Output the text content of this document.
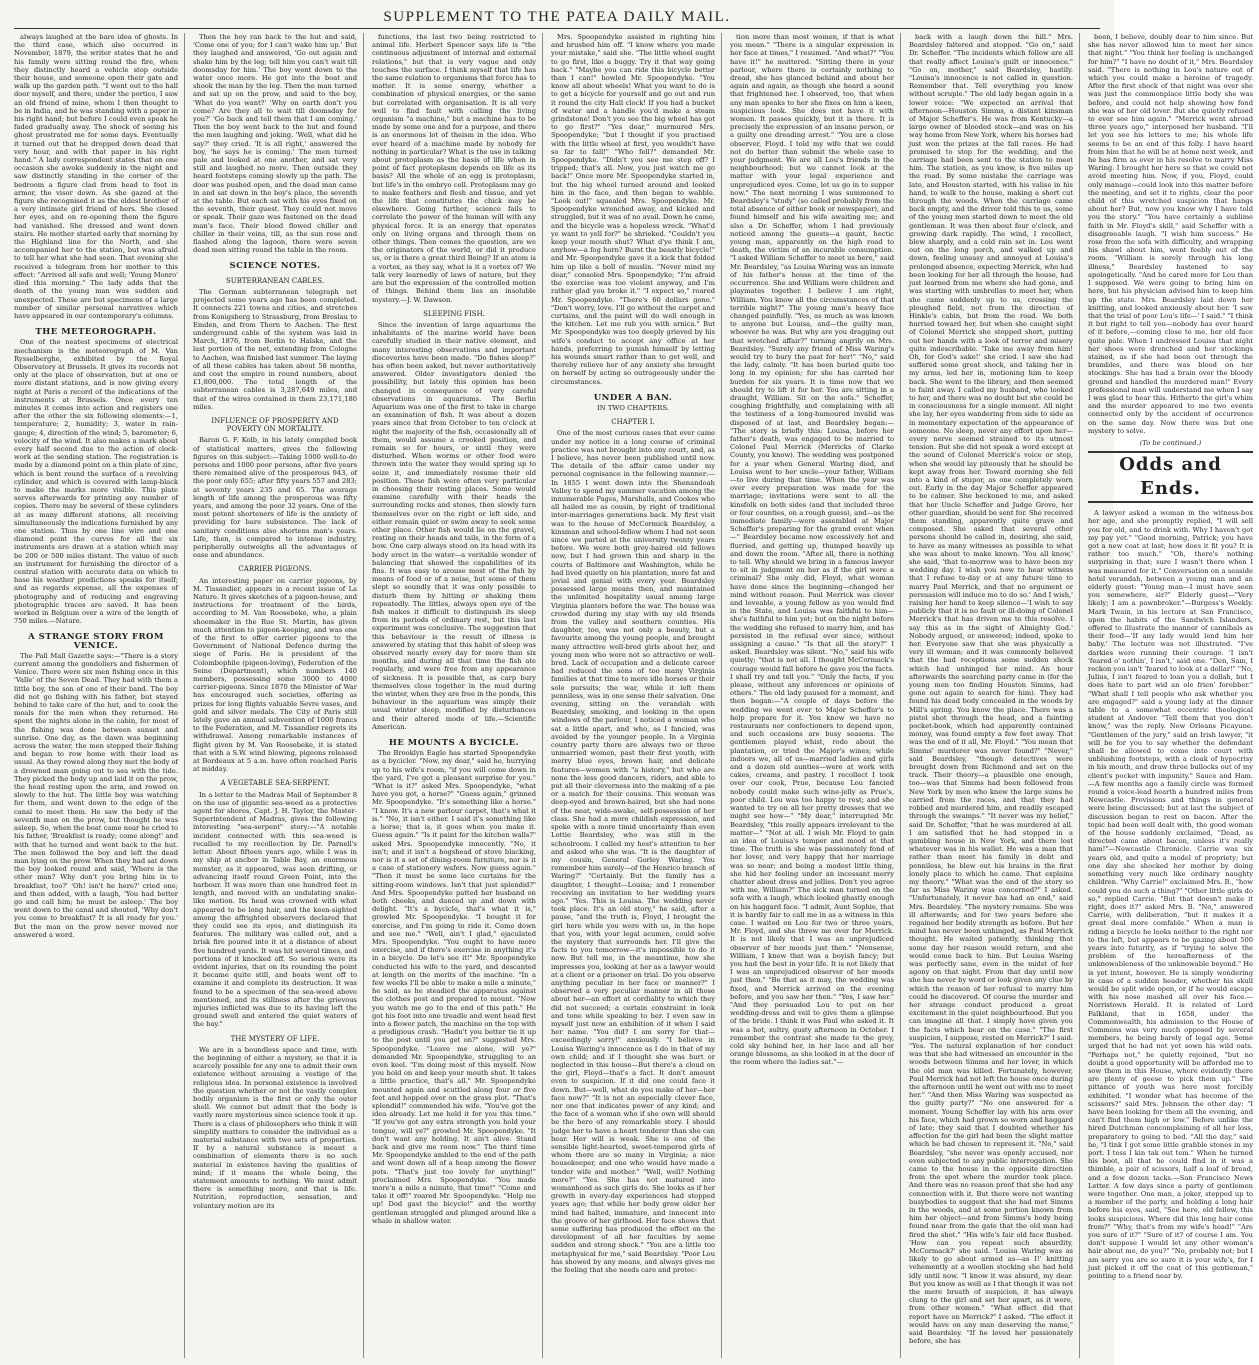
SUPPLEMENT TO THE PATEA DAILY MAIL.

always laughed at the bare idea of ghosts. In the third case, which also occurred in November, 1879, the writer states that he and his family were sitting round the fire, when they distinctly heard a vehicle stop outside their house, and someone open their gate and walk up the garden path. "I went out to the hall door myself, and there, under the portico, I saw an old friend of mine, whom I then thought to be in India, and he was standing with a paper in his right hand; but before I could even speak he faded gradually away. The shock of seeing his ghost prostrated me for some days. Eventually it turned out that he dropped down dead that very hour, and with that paper in his right hand." A lady correspondent states that on one occasion she awoke suddenly in the night and saw distinctly standing in the corner of the bedroom a figure clad from head to foot in armor, the visor down. As she gazed at the figure she recognised it as the eldest brother of a very intimate girl friend of hers. She closed her eyes, and on re-opening them the figure had vanished. She dressed and went down stairs. He mother started early that morning by the Highland line for the North, and she accompanied her to the station, but was afraid to tell her what she had seen. That evening she received a telegram from her mother to this effect: "Arrived all safe and well; 'Young Monro' died this morning." The lady adds that the death of the young man was sudden and unexpected. These are but specimens of a large number of similar personal narratives which have appeared in our contemporary's columns.

THE METEOROGRAPH.

One of the neatest specimens of electrical mechanism is the meteorograph of M. Van Rysselberghe, exhibited by the Royal Observatory at Brussels. It gives its records not only at the place of observation, but at one or more distant stations, and is now giving every night at Paris a record of the indications of the instruments at Brussels. Once every ten minutes it comes into action and registers one after the other the six following elements:—1, temperature; 2, humidity; 3, water in rain-gauge; 4, direction of the wind; 5, barometer; 6, velocity of the wind. It also makes a mark about every half second due to the action of clock-work at the sending station. The registration is made by a diamond point on a thin plate of zinc, which is bent round the surface of a revolving cylinder, and which is covered with lamp-black to make the marks more visible. This plate serves afterwards for printing any number of copies. There may be several of these cylinders at as many different stations, all receiving simultaneously the indications furnished by any one station. Thus by one line wire and one diamond point the curves for all the six instruments are drawn at a station which may be 200 or 500 miles distant. The value of such an instrument for furnishing the director of a central station with accurate data on which to base his weather predictions speaks for itself; and as regards expense, all the expenses of photography and of reducing and engraving photographic traces are saved. It has been worked in Belgium over a wire of the length of 750 miles.—Nature.

A STRANGE STORY FROM VENICE.

The Pall Mall Gazette says:—"There is a story current among the gondoliers and fishermen of Venice. There were six men fishing once in this 'Valle' of the Seven Dead. They had with them a little boy, the son of one of their band. The boy did not go fishing with his father, but stayed behind to take care of the hut, and to cook the meals for the men when they returned. He spent the nights alone in the cabin, for most of the fishing was done between sunset and sunrise. One day, as the dawn was beginning across the water, the men stopped their fishing and began to row home with their load as usual. As they rowed along they met the body of a drowned man going out to sea with the tide. They picked the body up and laid it on the prow, the head resting upon the arm, and rowed on slowly to the hut. The little boy was watching for them, and went down to the edge of the canal to meet them. He saw the body of the seventh man on the prow, but thought he was asleep. So, when the boat came near he cried to his father, 'Breakfast is ready; come along!' and with that he turned and went back to the hut. The men followed the boy and left the dead man lying on the prow. When they had sat down the boy looked round and said, 'Where is the other man? Why don't you bring him in to breakfast, too?' 'Oh! isn't he here?' cried one; and then added, with a laugh, 'You had better go and call him; he must be asleep.' The boy went down to the canal and shouted, 'Why don't you come to breakfast? It is all ready for you.' But the man on the prow never moved nor answered a word.

Then the boy ran back to the hut and said, 'Come one of you; for I can't wake him up.' But they laughed and answered, 'Go out again and shake him by the leg; tell him you can't wait till doomsday for him.' The boy went down to the water once more. He got into the boat and shook the man by the leg. Then the man turned and sat up on the prow, and said to the boy, 'What do you want?' 'Why on earth don't you come? Are they all to wait till doomsday for you?' 'Go back and tell them that I am coming.' Then the boy went back to the hut and found the men laughing and joking. 'Well, what did he say?' they cried. 'It is all right,' answered the boy, 'he says he is coming.' The men turned pale and looked at one another, and sat very still and laughed no more. Then outside they heard footsteps coming slowly up the path. The door was pushed open, and the dead man came in and sat down in the boy's place, the seventh at the table. But each sat with his eyes fixed on the seventh, their guest. They could not move or speak. Their gaze was fastened on the dead man's face. Their blood flowed chiller and chiller in their veins, till, as the sun rose and flashed along the lagoon, there were seven dead men sitting round the table in the room.

SCIENCE NOTES.
SUBTERRANEAN CABLES.

The German subterranean telegraph net projected some years ago has been completed. It connects 221 towns and cities, and stretches from Konigsberg to Strassburg, from Breslau to Emden, and from Thorn to Aachen. The first underground cable of the system was laid in March, 1876, from Berlin to Halske, and the last portion of the net, extending from Cologne to Aachen, was finished last summer. The laying of all these cables has taken about 58 months, and cost the empire in round numbers, about £1,800,000. The total length of the subterranean cables is 3,287,649 miles, and that of the wires contained in them 23,171,180 miles.

INFLUENCE OF PROSPERITY AND POVERTY ON MORTALITY.

Baron G. F. Kolb, in his lately compiled book of statistical matters, gives the following figures on this subject:—Taking 1000 well-to-do persons and 1000 poor persons, after five years there remained alive of the prosperous 943, of the poor only 655; after fifty years 557 and 283; at seventy years 235 and 65. The average length of life among the prosperous was fifty years, and among the poor 32 years. One of the most potent shorteners of life is the anxiety of providing for bare subsistence. The lack of sanitary conditions also shortens man's years. Life, then, is compared to intense industry, peripherally outweighs all the advantages of ease and abundance.

CARRIER PIGEONS.

An interesting paper on carrier pigeons, by M. Tissandier, appears in a recent issue of La Nature. It gives sketches of a pigeon-house, and instructions for treatment of the birds, according to M. Van Roosebeke, who, a plain shoemaker in the Rue St. Martin, has given much attention to pigeon-keeping, and was one of the first to offer carrier pigeons to the Government of National Defence during the siege of Paris. He is president of the Colombophile (pigeon-loving), Federation of the Seine (Department), which numbers 140 members, possessing some 3000 to 4000 carrier-pigeons. Since 1870 the Minister of War has encouraged such societies, offering as prizes for long flights valuable Sevre vases, and gold and silver medals. The City of Paris still lately gave an annual subvention of 1000 francs to the Federation, and M. Tissandier regrets its withdrawal. Among remarkable instances of flight given by M. Van Roosebeke, it is stated that with a S.W. wind blowing, pigeons released at Bordeaux at 5 a.m. have often reached Paris at midday.

A VEGETABLE SEA-SERPENT.

In a letter to the Madras Mail of September 8 on the use of gigantic sea-weed as a protective agent for shores, Capt. J. H. Taylor, the Master-Superintendent of Madras, gives the following interesting "sea-serpent" story:—"A notable incident connected with this sea-weed is recalled to my recollection by Dr. Parnell's letter. About fifteen years ago, while I was in my ship at anchor in Table Bay, an enormous monster, as it appeared, was seen drifting, or advancing itself round Green Point, into the harbour. It was more than one hundred feet in length, and moved with an undulating snake-like motion. Its head was crowned with what appeared to be long hair, and the keen-sighted among the affrighted observers declared that they could see its eyes, and distinguish its features. The military was called out, and a brisk fire poured into it at a distance of about five hundred yards. It was hit several times, and portions of it knocked off. So serious were its evident injuries, that on its rounding the point it became quite still, and boats went off to examine it and complete its destruction. It was found to be a specimen of the sea-weed above mentioned, and its stillness after the grievous injuries inflicted was due to its having left the ground swell and entered the quiet waters of the bay."

THE MYSTERY OF LIFE.

We are in a boundless space and time, with the beginning of either a mystery, so that it is scarcely possible for any one to admit their own existence without arousing a vestige of the religious idea. In personal existence is involved the question whether or not the vastly complex bodily organism is the first or only the outer shell. We cannot but admit that the body is vastly more mysterious since science took it up. There is a class of philosophers who think it will simplify matters to consider the individual as a material substance with two sets of properties. If by a natural substance is meant a combination of elements there is no such material in existence having the qualities of mind; if it means the whole being, the statement amounts to nothing. We must admit there is something more, and that is life. Nutrition, reproduction, sensation, and voluntary motion are its

functions, the last two being restricted to animal life. Herbert Spencer says life is "the continuous adjustment of internal and external relations," but that is very vague and only touches the surface. I think myself that life has the same relation to organisms that force has to matter. It is some energy, whether a combination of physical energies, or the same but correlated with organisation. It is all very well to find fault with calling the living organism "a machine," but a machine has to be made by some one and for a purpose, and there is an enormous lot of theism in the idea. Who ever heard of a machine made by nobody for nothing in particular? What is the use in talking about protoplasm as the basis of life when in point of fact protoplasm depends on life as its basis? All the whole of an egg is protoplasm, but life's in the embryo cell. Protoplasm may go to make feathers and flesh and tissue, and yet the life that constitutes the chick may be elsewhere. Going further, science fails to correlate the power of the human will with any physical force. It is an energy that operates only on living organs and through them on other things. Then comes the question, are we the originators of the world, or did it produce us, or is there a great third Being? If an atom is a vortex, as they say, what is it a vortex of? We talk very learnedly of laws of nature, but they are but the expression of the controlled motion of things. Behind them lies an insoluble mystery.—J. W. Dawson.

SLEEPING FISH.

Since the invention of large aquariums the inhabitants of the marine world have been carefully studied in their native element, and many interesting observations and important discoveries have been made. "Do fishes sleep?" has often been asked, but never authoritatively answered. Older investigators denied the possibility, but lately this opinion has been changed in consequence of very careful observations in aquariums. The Berlin Aquarium was one of the first to take in charge an examination of fish. It was about a dozen years since that from October to ten o'clock at night the majority of the fish, occasionally all of them, would assume a crooked position, and remain so for hours, or until they were disturbed. When worms or other food were thrown into the water they would spring up to seize it, and immediately resume their old position. These fish were often very particular in choosing their resting places. Some would examine carefully with their heads the surrounding rocks and stones, then slowly turn themselves over on the right or left side, and either remain quiet or swim away to seek some other place. Other fish would lie on the gravel, resting on their heads and tails, in the form of a bow. One carp always stood on its head with its body erect in the water—a veritable wonder of balancing that showed the capabilities of its fins. It was easy to arouse most of the fish by means of food or of a noise, but some of them slept so soundly that it was only possible to disturb them by hitting or shaking them repeatedly. The littles, always open eye of the fish makes it difficult to distinguish its sleep from its periods of ordinary rest, but this last experiment was conclusive. The suggestion that this behaviour is the result of illness is answered by stating that this habit of sleep was observed nearly every day for more than six months, and during all that time the fish ate regularly, and were free from any appearance of sickness. It is possible that, as carp bury themselves close together in the mud during the winter, when they are free in the ponds, this behaviour in the aquarium was simply their usual winter sleep, modified by disturbances and their altered mode of life.—Scientific American.

HE MOUNTS A BYCICLE.

The Brooklyn Eagle has started Spoopendyke as a bycicler. "Now, my dear," said he, hurrying up to his wife's room, "if you will come down in the yard, I've got a pleasant surprise for you." "What is it?" asked Mrs. Spoopendyke, "what have you got, a horse?" "Guess again," grinned Mr. Spoopendyke. "It's something like a horse." "I know. It's a new parlour carpet, that's what it is." "No, it isn't either. I said it's something like a horse; that is, it goes when you make it. Guess again." "Is it paint for the kitchen walls?" asked Mrs. Spoopendyke innocently. "No, it isn't; and it isn't a hogshead of stove blacking, nor is it a set of dining-room furniture, nor is it a case of stationery wafers. Now guess again." "Then it must be some lace curtains for the sitting-room windows. Isn't that just splendid?" And Mrs. Spoopendyke patted her husband on both cheeks, and danced up and down with delight. "It's a bycicle, that's what it is," growled Mr. Spoopendyke. "I bought it for exercise, and I'm going to ride it. Come down and see me." "Well, ain't I glad," ejaculated Mrs. Spoopendyke. "You ought to have more exercise, and if there's exercise in anything it's in a bicycle. Do let's see it!" Mr. Spoopendyke conducted his wife to the yard, and descanted at length on the merits of the machine. "In a few weeks I'll be able to make a mile a minute," he said, as he steadied the apparatus against the clothes post and prepared to mount. "Now you watch me go to the end of this path." He got his foot into one treadle and went head first into a flower patch, the machine on the top with a prodigious crash. "Hadn't you better tie it up to the post until you get on?" suggested Mrs. Spoopendyke. "Leave me alone, will ye?" demanded Mr. Spoopendyke, struggling to an even keel. "I'm doing most of this myself. Now you hold on and keep your mouth shut. It takes a little practice, that's all." Mr. Spoopendyke mounted again and scuttled along four or five feet and hopped over on the grass plot. "That's splendid!" commended his wife. "You've got the idea already. Let me hold it for you this time." "If you've got any extra strength you hold your tongue, will ye?" growled Mr. Spoopendyke. "It don't want any holding. It ain't alive. Stand back and give me room now." The third time Mr. Spoopendyke ambled to the end of the path and went down all of a heap among the flower pots. "That's just too lovely for anything!" proclaimed Mrs. Spoopendyke. "You made more'n a mile a minute, that time!" "Come and take it off!" roared Mr. Spoopendyke. "Help me up! Dod gast the bicycle!" and the worthy gentleman struggled and plunged around like a whale in shallow water.

Mrs. Spoopendyke assisted in righting him and brushed him off. "I know where you made your mistake," said she. "The little wheel ought to go first, like a buggy. Try it that way going back." "Maybe you can ride this bicycle better than I can!" howled Mr. Spoopendyke. "You know all about wheels! What you want to do is to get a bicycle for yourself and go out and run it round the city Hall clock! If you had a bucket of water and a handle you'd make a steam grindstone! Don't you see the big wheel has got to go first?" "Yes dear," murmured Mrs. Spoopendyke; "but I thought if you practised with the little wheel at first, you wouldn't have so far to fall!" "Who fell?" demanded Mr. Spoopendyke. "Didn't you see me step off? I tripped; that's all. Now, you just watch me go back!" Once more Mr. Spoopendyke started in, but the big wheel turned around and looked him in the face, and then began to wabble. "Look out!" squealed Mrs. Spoopendyke. Mr. Spoopendyke wrenched away, and kicked and struggled, but it was of no avail. Down he came, and the bicycle was a hopeless wreck. "What'd ye want to yell for?" he shrieked. "Couldn't you keep your mouth shut? What d'ye think I am, anyhow—a fog horn? Burst the beastly bicycle!" and Mr. Spoopendyke gave it a kick that folded him up like a boll of muslin. "Never mind my dear," consoled Mrs. Spoopendyke; "I'm afraid the exercise was too violent anyway, and I'm rather glad you broke it." "I expect so," roared Mr. Spoopendyke. "There's 60 dollars gone." "Don't worry, love. I'll go without the carpet and curtains, and the paint will do well enough in the kitchen. Let me rub you with arnica." But Mr. Spoopendyke was too deeply grieved by his wife's conduct to accept any office at her hands, preferring to punish himself by letting his wounds smart rather than to get well, and thereby relieve her of any anxiety she brought on herself by acting so outrageously under the circumstances.

UNDER A BAN.
IN TWO CHAPTERS.
CHAPTER I.

One of the most curious cases that ever came under my notice in a long course of criminal practice was not brought into any court, and, as I believe, has never been published until now. The details of the affair came under my personal cognisance in the following manner:— In 1855 I went down into the Shenandoah Valley to spend my summer vacation among the innumerable Pages, Marshalls, and Cookes who all hailed me as cousin, by right of traditional inter-marriages generations back. My first visit was to the house of McCormick Beardsley, a kinsman and school-fellow whom I had not seen since we parted at the university twenty years before. We were both grey-haired old fellows now, but I had grown thin and sharp in the courts of Baltimore and Washington, while he had lived quietly on his plantation, more fat and jovial and genial with every year. Beardsley possessed large means then, and maintained the unlimited hospitality usual among large Virginia planters before the war. The house was crowded during my stay with my old friends from the valley and southern counties. His daughter, too, was not only a beauty, but a favourite among the young people, and brought many attractive well-bred girls about her, and young men who were not so attractive or well-bred. Lack of occupation and a delicate career had reduced the sons of too many Virginia families at that time to mere idle horses or their sole pursuits; the war, while it left them penniless, was in one sense their salvation. One evening, sitting on the verandah with Beardsley, smoking, and looking in the open windows of the parlour, I noticed a woman who sat a little apart, and who, as I fancied, was avoided by the younger people. In a Virginia country party there are always two or three unmarried women, past their first youth, with merry blue eyes, brown hair, and delicate features—women with "a history," but who are none the less good dancers, riders, and able to put all their cleverness into the making of a pie or a match for their cousins. This woman was deep-eyed and brown-haired, but she had none of the neat, wide-awake, self-possession of her class. She had a more childish expression, and spoke with a more timid uncertainty than even Lottie Beardsley, who was still in the schoolroom. I called my host's attention to her and asked who she was. "It is the daughter of my cousin, General Gorley Waring. You remember him surely—of the Henrico branch of Waring?" "Certainly. But the family has a daughter, I thought—Louisa; and I remember receiving an invitation to her wedding years ago." "Yes. This is Louisa. The wedding never took place. It's an old story," he said, after a pause, "and the truth is, Floyd, I brought the girl here while you were with us, in the hope that you, with your legal acumen, could solve the mystery that surrounds her. I'll give the facts to you tomorrow—it's impossible to do it now. But tell me, in the meantime, how she impresses you, looking at her as a lawyer would at a client or a prisoner on trial. Do you observe anything peculiar in her face or manner?" I observed a very peculiar manner in all those about her—an effort at cordiality to which they did not succeed; a certain constraint in look and tone while speaking to her. I even saw in myself just now an exhibition of it when I said her name. "You did? I am sorry for that—exceedingly sorry!" anxiously. "I believe in Louisa Waring's innocence as I do in that of my own child; and if I thought she was hurt or neglected in this house—But there's a cloud on the girl, Floyd—that's a fact. It don't amount even to suspicion. If it did one could face it down. But—well, what do you make of her—her face now?" "It is not an especially clever face, nor one that indicates power of any kind; and the face of a woman who if she own will should be the hero of any remarkable story. I should judge her to have a heart tenderer than she can bear. Her will is weak. She is one of the sensible light-hearted, sweet-tempered girls of whom there are so many in Virginia; a nice housekeeper, and one who would have made a tender wife and mother." "Well, well? Nothing more?" "Yes. She has not matured into womanhood as such girls do. She looks as if her growth in every-day experiences had stopped years ago; that while her body grew older her mind had halted, immature, and innocent into the groove of her girlhood. Her face shows that some suffering has produced the effect on the development of all her faculties by some sudden and strong shock." "You are a little too metaphysical for me," said Beardsley. "Poor Lou has showed by any means, and always gives me the feeling that she needs care and protec-

tion more than most women, if that is what you mean." "There is a singular expression in her face at times," I resumed. "And what?" "You have it!" he muttered. "Sitting there in your parlour, where there is certainly nothing to dread, she has glanced behind and about her again and again, as though she heard a sound that frightened her. I observed, too, that when any man speaks to her she fixes on him a keen, suspicious look. She does not have it with women. It passes quickly, but it is there. It is precisely the expression of an insane person, or a guilty one dreading arrest." "You are a close observer, Floyd. I told my wife that we could not do better than submit the whole case to your judgment. We are all Lou's friends in the neighbourhood; but we cannot look at the matter with your legal experience and unprejudiced eyes. Come, let us go in to supper now." The next morning I was summoned to Beardsley's "study" (so called probably from the total absence of either book or newspaper), and found himself and his wife awaiting me; and also a Dr. Scheffer, whom I had previously noticed among the guests—a gaunt, hectic young man, apparently on the high road to death, the victim of an incurable consumption. "I asked William Scheffer to meet us here," said Mr. Beardsley, "as Louisa Waring was an inmate of his father's house at the time of the occurrence. She and William were children and playmates together. I believe I am right, William. You know all the circumstances of that terrible night?" The young man's heavy face changed painfully. "Yes, as much as was known to anyone but Louisa, and—the guilty man, whoever he was. But why are you dragging out that wretched affair?" turning angrily on Mrs. Beardsley. "Surely any friend of Miss Waring's would try to bury the past for her!" "No," said the lady, calmly. "It has been buried quite too long in my opinion; for she has carried her burden for six years. It is time now that we should try to lift it for her. You are sitting in a draught, William. Sit on the sofa." Scheffer, coughing frightfully, and complaining with all the testiness of a long-humoured invalid was disposed of at last, and Beardsley began:— "The story is briefly this: Louisa, before her father's death, was engaged to be married to Colonel Paul Merrick (Merricks of Clarke County, you know). The wedding was postponed for a year when General Waring died, and Louisa went to her uncle—your father, William—to live during that time. When the year was over every preparation was made for the marriage; invitations were sent to all the kinsfolk on both sides (and that included three or four counties, on a rough guess), and—as the immediate family—were assembled at Major Scheffer's preparing for the grand event when—" Beardsley became now excessively hot and flurried, and getting up, thumped heavily up and down the room. "After all, there is nothing to tell. Why should we bring in a famous lawyer to sit in judgment on her as if the girl were a criminal? She only did, Floyd, what woman have done since the beginning—changed her mind without reason. Paul Merrick was clever and loveable, a young fellow as you would find in the State, and Louisa was faithful to him—she's faithful to him yet; but on the night before the wedding she refused to marry him, and has persisted in the refusal ever since, without assigning a cause." "Is that all the story?" I asked. Beardsley was silent. "No," said his wife quietly; "that is not all. I thought McCormack's courage would fall before he gave you the facts. I shall try and tell you." "Only the facts, if you please, without any inferences or opinions of others." The old lady paused for a moment, and then began:—"A couple of days before the wedding we went over to Major Scheffer's to help prepare for it. You know we have no restaurants nor confectioners to depend upon, and such occasions are busy seasons. The gentlemen played whist, rode about the plantation, or tried the Major's wines; while indoors we, all of us—married ladies and girls and a dozen old aunties—were at work with cakes, creams, and pastry. I recollect I took over our cook, Prue, because Lou fancied nobody could make such wine-jelly as Prue's, poor child. Lou was too happy to rest; and she wanted to try on all her pretty dresses that we might see how—" "My dear," interrupted Mr. Beardsley, "this really appears irrelevant to the matter—" "Not at all. I wish Mr. Floyd to gain an idea of Louisa's temper and mood at that time. The truth is she was passionately fond of her lover, and very happy that her marriage was so near; and being a modest little thing, she hid her feeling under an incessant merry chatter about dress and jellies. Don't you agree with me, William?" The sick man turned on the sofa with a laugh, which looked ghastly enough on his haggard face. "I admit, Aunt Sophie, that it is hardly fair to call me in as a witness in this case. I waited on Lou for two or three years, Mr. Floyd, and she threw me over for Merrick. It is not likely that I was an unprejudiced observer of her moods just then." "Nonsense, William, I knew that was a boyish fancy; but you had the best in your life. It is not likely that I was an unprejudiced observer of her moods just then." "Be that as it may, the wedding was fixed, and Merrick arrived on the evening before, and you saw her then." "Yes, I saw her." "And they persuaded Lou to put on her wedding-dress and veil to give them a glimpse of the bride. I think it was Paul who asked it. It was a hot, sultry, gusty afternoon in October. I remember the contrast she made to the grey, cold sky behind her, in her lace and all her orange blossoms, as she looked in at the door of the room where the ladies sat."—

back with a laugh down the hill." Mrs. Beardsley faltered and stopped. "Go on," said Dr. Scheffer. "The incidents which follow are all that really affect Louisa's guilt or innocence." "Go on, mother," said Beardsley, hastily. "Louisa's innocence is not called in question. Remember that. Tell everything you know without scruple." The old lady began again in a lower voice: "We expected an arrival that afternoon—Houston Simms, a distant kinsman of Major Scheffer's. He was from Kentucky—a large owner of blooded stock—and was on his way home from New York, where his horses had just won the prizes at the fall races. He had promised to stop for the wedding, and the carriage had been sent to the station to meet him. The station, as you know, is five miles up the road. By some mistake the carriage was late, and Houston started, with his valise in his hand, to walk to the house, making a short cut through the woods. When the carriage came back empty, and the driver told this to us, some of the young men started down to meet the old gentleman. It was then about four o'clock, and growing dark rapidly. The wind, I recollect, blew sharply, and a cold rain set in. Lou went out on the long porch, and walked up and down, feeling uneasy and annoyed at Louisa's prolonged absence, expecting Merrick, who had been looking for her all through the house, had just learned from me where she had gone, and was starting with umbrellas to meet her, when she came suddenly up to us, crossing the ploughed field, not from the direction of Hinkle's cabin, but from the road. We both hurried toward her, but when she caught sight of Colonel Merrick she stopped short, putting out her hands with a look of terror and misery quite indescribable. 'Take me away from him! Oh, for God's sake!' she cried. I saw she had suffered some great shock, and taking her in my arms, led her in, motioning him to keep back. She went to the library, and then seemed to faint away. I called my husband, who looked to her, and there was no doubt but she could be in consciousness for a single moment. All night she lay, her eyes wandering from side to side as in momentary expectation of the appearance of someone. No sleep, never any effort upon her—every nerve seemed strained to its utmost tension. But she did not speak a word except at the sound of Colonel Merrick's voice or step, when she would lay piteously that he should be kept away from her. Toward morning she fell into a kind of stupor, as one completely worn out. Early in the day Major Scheffer appeared to be calmer. She beckoned to me, and asked that her Uncle Scheffer and Judge Grove, her other guardian, should be sent for. She received them standing, apparently quite grave and composed. She asked that several other persons should be called in, desiring, she said, to have as many witnesses as possible to what she was about to make known. 'You all know,' she said, 'that to-morrow was to have been my wedding day. I wish you now to hear witness that I refuse to-day or at any future time to marry Paul Merrick, and that no argument or persuasion will induce me to do so.' And I wish,' raising her hand to keep silence—'I wish to say publicly that it is no fault or ill-doing of Colonel Merrick's that has driven me to this resolve. I say this as in the sight of Almighty God.' Nobody argued, or answered; indeed, spoke to her. Everyone saw that she was physically a very ill woman; and it was commonly believed that the bad receptions some sudden shock which had unhinged her mind. An hour afterwards the searching party came in (for the young men too finding Houston Simms, had gone out again to search for him). They had found his dead body concealed in the woods by Mill's spring. You know the place. There was a pistol shot through the head, and a fainting pocket-book, which had apparently contained money, was found empty a few feet away. That was the end of it all, Mr. Floyd." "You mean that Simms' murderer was never found?" "Never," said Beardsley, "though detectives were brought down from Richmond and set on the track. Their theory—a plausible one enough, too—was that Simms had been followed from New York by men who knew the large sums he carried from the races, and that they had robbed and murdered him, and readily escaped through the swamps." "It never was my belief," said Dr. Scheffer, "that he was murdered at all. I am satisfied that he had stopped in a gambling house in New York, and there lost whatever was in his wallet. He was a man that rather than meet his family in debt and penniless, he blew out his brains in the first lonely place to which he came. That explains my theory." "What was the end of the story so far as Miss Waring was concerned?" I asked. "Unfortunately, it never has had an end," said Mrs. Beardsley. "The mystery remains. She was ill afterwards; and for two years before she regained her bodily strength as before. But her mind has never been unhinged, as Paul Merrick thought. He waited patiently, thinking that some day her reason would return, and she would come back to him. But Louisa Waring was perfectly sane, even in the midst of her agony on that night. From that day until now she has never by word or look given any clue by which the reason of her refusal to marry him could be discovered. Of course the murder and her strange conduct produced a great excitement in the quiet neighbourhood. But you can imagine all that. I simply have given you the facts which bear on the case." "The first suspicion, I suppose, rested on Merrick?" I said. "Yes. The natural explanation of her conduct was that she had witnessed an encounter in the woods between Simms and her lover, in which the old man was killed. Fortunately, however, Paul Merrick had not left the house once during the afternoon until he went out with me to meet her." "And then Miss Waring was suspected as the guilty party?" "No one answered for a moment. Young Scheffer lay with his arm over his face, which had grown so worn and haggard of late; they said that I doubted whether his affection for the girl had been the slight matter which he had chosen to represent it. "No," said Beardsley, "she never was openly accused, nor even subjected to any public interrogation. She came to the house in the opposite direction from the spot where the murder took place. And there was no reason proof that she had any connection with it. But there were not wanting busybodies to suggest that she had met Simms in the woods, and at some portion known from him her object—and from Simms's body being found near from the gate that the old man had fired the shot." "His wife's fair old face flushed. 'How can you repeat such absurdity, McCormack?' she said. 'Louisa Waring was as likely to go about armed as—as I!' knitting vehemently at a woollen stocking she had held idly until now. "I know it was absurd, my dear. But you know as well as I that though it was not the mere breath of suspicion, it has always clung to the girl and set her apart, as it were, from other women." "What effect did that report have on Merrick?" I asked. "The effect it would have on any man deserving the name," said Beardsley. "If he loved her passionately before, she has

been, I believe, doubly dear to him since. But she has never allowed him to meet her since that night." "You think her feeling is unchanged for him?" "I have no doubt of it," Mrs. Beardsley said. "There is nothing in Lou's nature out of which you could make a heroine of tragedy. After the first shock of that night was over she was just the commonplace little body she was before, and could not help showing how fond she was of her old lover. But she quietly refused to ever see him again." "Merrick went abroad three years ago," interposed her husband. "I'll let you see his letters to me; his whole life seems to be an end of this folly. I have heard from him that he will be at home next week, and he has firm as ever in his resolve to marry Miss Waring. I brought her here so that we could not avoid meeting him. Now, if you, Floyd, could only manage—could look into this matter before the meeting, and set it to rights, clear the poor child of this wretched suspicion that hangs about her? But, now you know why I have told you the story." "You have certainly a sublime faith in Mr. Floyd's skill," said Scheffer with a disagreeable laugh. "I wish him success." He rose from the sofa with difficulty, and wrapping his shawl about him, went feebly out of the room. "William is sorely through his long illness," Beardsley hastened to say apologetically. "And he cared more for Lou than I supposed. We were going to bring him on here, but his physician advised him to keep him up the state. Mrs. Beardsley laid down her knitting, and looked anxiously about her. 'I saw that the trial of poor Lou's life—' I said." "I think it but right to tell you—nobody has ever heard of it before,—coming close to me, her old face quite pale. When I undressed Louisa that night her shoes were drenched and her stockings stained, as if she had been out through the brambles, and there was blood on her stockings. She has had a brain over the bloody ground and handled the murdered man!" Every professional man will understand me when I say I was glad to hear this. Hitherto the girl's whim and the murder appeared to me two events connected only by the accident of occurrence on the same day. Now there was but one mystery to solve.

(To be continued.)
Odds and Ends.

A lawyer asked a woman in the witness-box her age, and she promptly replied, "I will sell you for old, and to drink with. Why I haven't got my pay yet." "Good morning, Patrick; you have got a new coat at last; how does it fit you? It is rather too much." "Oh, there's nothing surprising in that; sure I wasn't there when I was measured for it." Conversation on a seaside hotel verandah, between a young man and an elderly guest: "Young man—I must have seen you somewhere, sir?" Elderly guest—"Very likely; I am a pawnbroker."—Burgess's Weekly. Mark Twain, in his lecture at San Francisco, upon the habits of the Sandwich Islanders, offered to illustrate the manner of cannibals as their food—'If any lady would lend him her baby.' The lecture was not illustrated. "I've darkies were running their courage. 'I isn't 'feared o' nothin', I isn't,' said one. "Den, Sam, I reckon you isn't 'feared to look at a dollar!" "No, Julius, I isn't feared to loan you a dollah, but I does hate to part wid an ole frien' forebber." "What shall I tell people who ask whether you are engaged?" said a young lady at the dinner table to a somewhat eccentric theological student at Andover. "Tell them that you don't know," was the reply. New Orleans Picayune. "Gentlemen of the jury," said an Irish lawyer, "it will be for you to say whether the defendant shall be allowed to come into court with unblushing footsteps, with a cloak of hypocrisy in his mouth, and draw three bullocks out of my client's pocket with impunity." Sauce and Ham.—A few months ago a family circle was formed round a voice-lead hearth a hundred miles from Newcastle. Provisions and things in general were being discussed; but at last the subject of discussion began to rest on bacon. After the topic had been well dealt with, the good woman of the house suddenly exclaimed, "Dead, as directed came about bacon, unless it's really ham!"—Newcastle Chronicle. Carrie was six years old, and quite a model of propriety; but one day she shocked her mother by doing something very much like ordinary naughty children. "Why Carrie!" exclaimed Mrs. B., "how could you do such a thing?" "Other little girls do so," replied Carrie. "But that doesn't make it right, does it?" asked Mrs. B. "No," answered Carrie, with deliberation, "but it makes it a great deal more comfable." When a man is riding a bicycle he looks neither to the right nor to the left, but appears to be gazing about 500 years into futurity, as if "trying to solve the problem of the hereafterness of the unknowableness of the unknowable beyond." He is yet intent, however. He is simply wondering in case of a sudden header, whether his skull would be split wide open, or if he would escape with his nose mashed all over his face.—Norristown Herald. It is related of Lord Falkland, that in 1658, under the Commonwealth, his admission to the House of Commons was very much opposed by several members, he being barely of legal age. Some urged that he had not yet sown his wild oats. "Perhaps not," he quietly rejoined, "but no doubt a good opportunity will be afforded me to sow them in this House, where evidently there are plenty of geese to pick them up." The pittance of youth was here most forcibly exhibited. "I wonder what has become of the scissors?" said Mrs. Johnson the other day: "I have been looking for them all the evening, and can't find them high or low." Before unlike the hired Dutchman concomplaining of all her loss, preparatory to going to bed. "All the day," said he, "I tink I got some little grahble stones in my port. I tess I kin tak out tem." When he turned his boot, all that he could find in it was a thimble, a pair of scissors, half a loaf of bread, and a few dozen tacks.—San Francisco News Letter. A few days since a party of gentlemen were together. One man, a joker, stepped up to a member of the party, and holding a long hair before his eyes, said, "See here, old fellow, this looks suspicious. Where did this long hair come from?" "Why, that's from my wife's head!" "Are you sure of it?" "Sure of it? of course I am. You don't suppose I would let any other woman's hair about me, do you?" "No, probably not; but I am sorry you are so sure it is your wife's, for I just picked it off the coat of this gentleman," pointing to a friend near by.
